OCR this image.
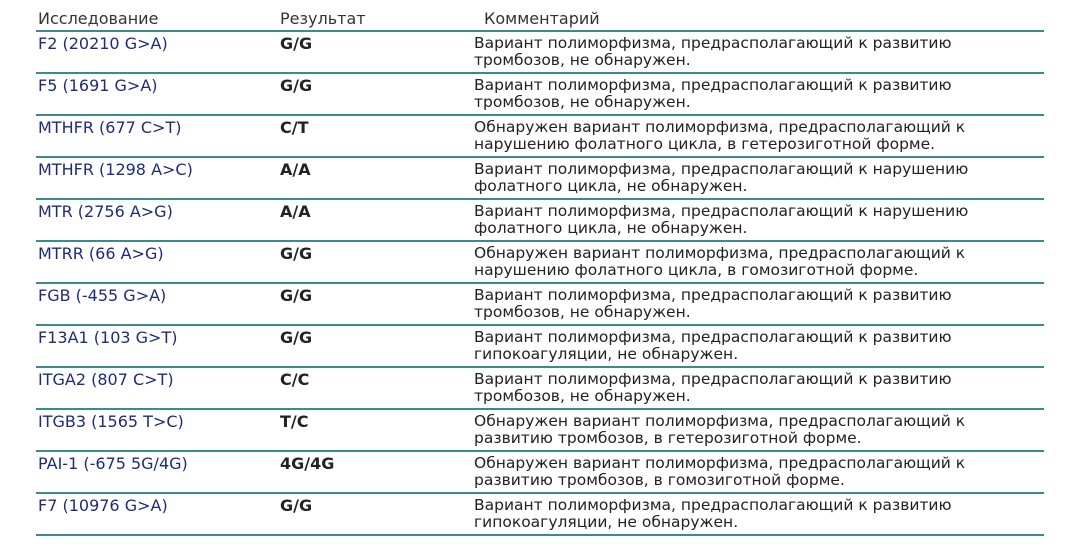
Исследование	Результат	Комментарий
F2 (20210 G>A)	G/G	Вариант полиморфизма, предрасполагающий к развитию
тромбозов, не обнаружен.
F5 (1691 G>A)	G/G	Вариант полиморфизма, предрасполагающий к развитию
тромбозов, не обнаружен.
MTHFR (677 C>T)	C/T	Обнаружен вариант полиморфизма, предрасполагающий к
нарушению фолатного цикла, в гетерозиготной форме.
MTHFR (1298 A>C)	A/A	Вариант полиморфизма, предрасполагающий к нарушению
фолатного цикла, не обнаружен.
MTR (2756 A>G)	A/A	Вариант полиморфизма, предрасполагающий к нарушению
фолатного цикла, не обнаружен.
MTRR (66 A>G)	G/G	Обнаружен вариант полиморфизма, предрасполагающий к
нарушению фолатного цикла, в гомозиготной форме.
FGB (-455 G>A)	G/G	Вариант полиморфизма, предрасполагающий к развитию
тромбозов, не обнаружен.
F13A1 (103 G>T)	G/G	Вариант полиморфизма, предрасполагающий к развитию
гипокоагуляции, не обнаружен.
ITGA2 (807 C>T)	C/C	Вариант полиморфизма, предрасполагающий к развитию
тромбозов, не обнаружен.
ITGB3 (1565 T>C)	T/C	Обнаружен вариант полиморфизма, предрасполагающий к
развитию тромбозов, в гетерозиготной форме.
PAI-1 (-675 5G/4G)	4G/4G	Обнаружен вариант полиморфизма, предрасполагающий к
развитию тромбозов, в гомозиготной форме.
F7 (10976 G>A)	G/G	Вариант полиморфизма, предрасполагающий к развитию
гипокоагуляции, не обнаружен.
